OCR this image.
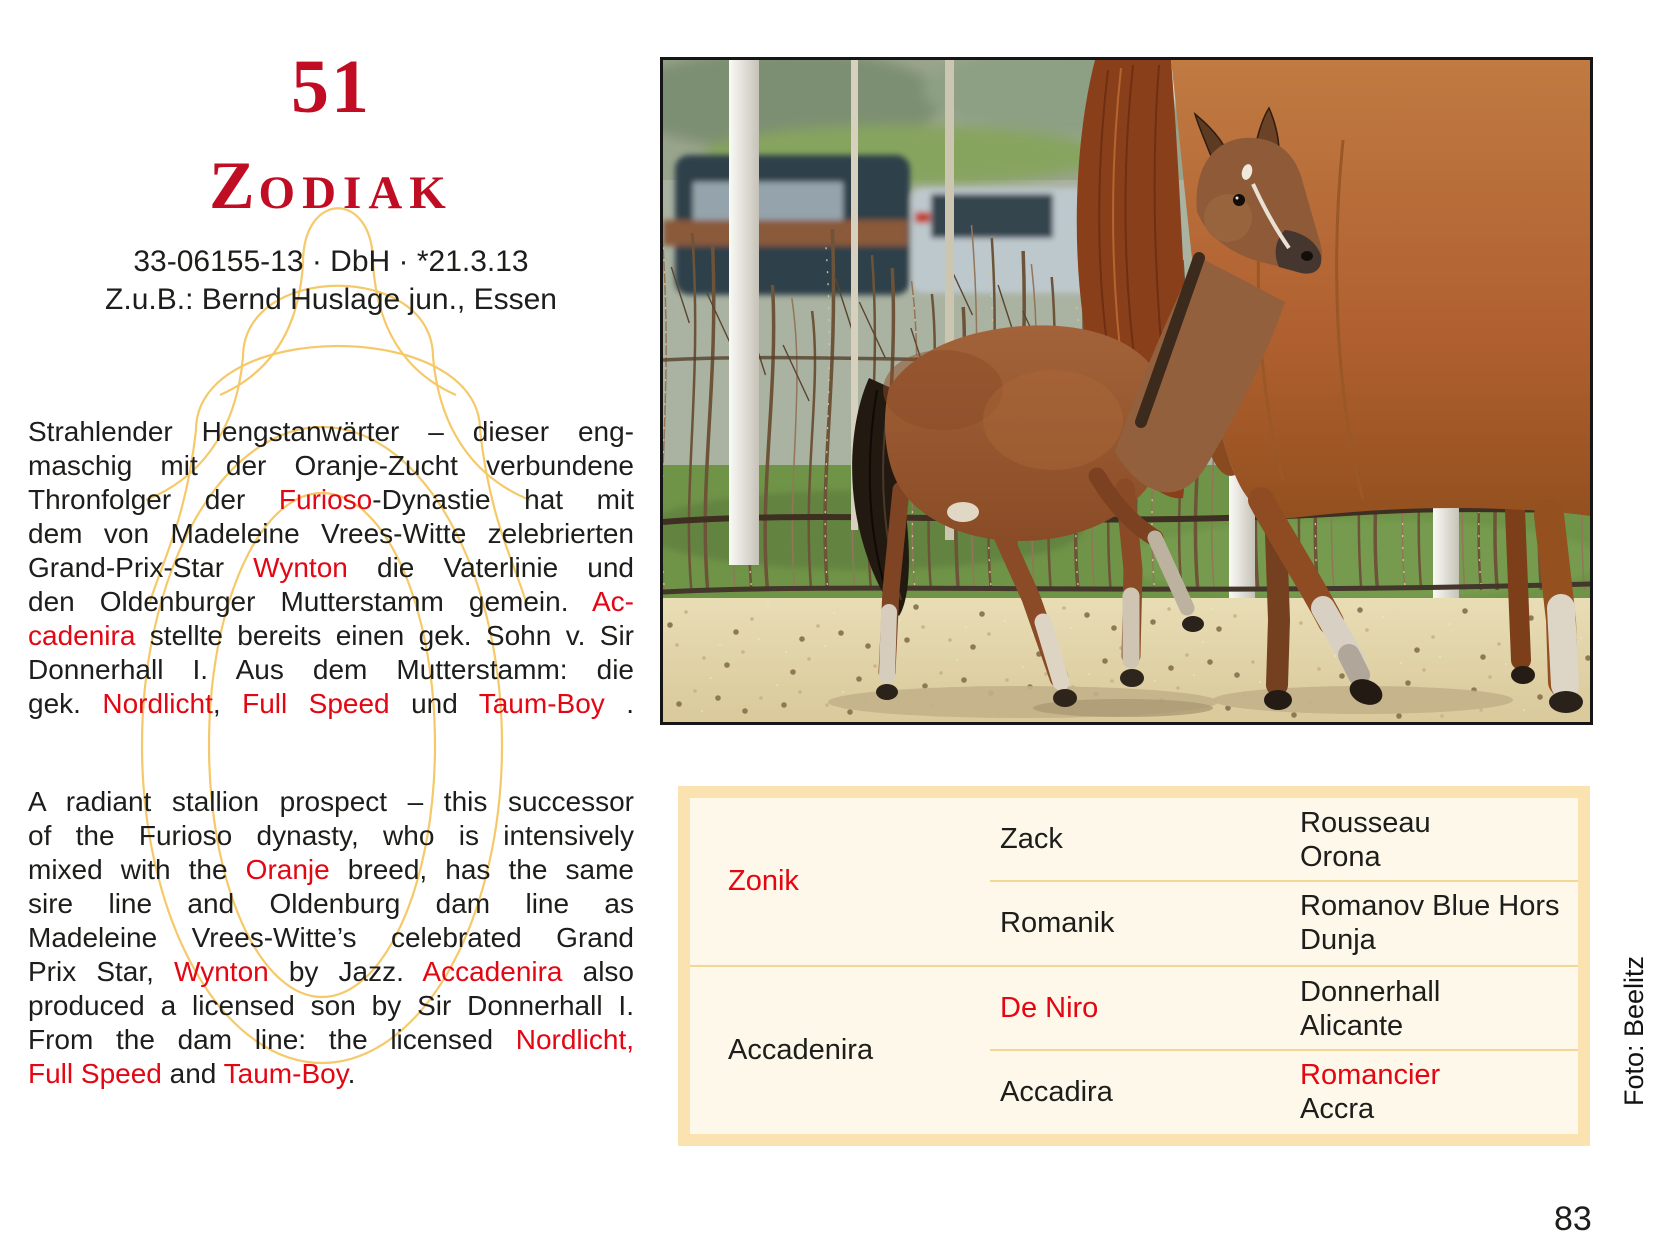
51
ZODIAK
33-06155-13 · DbH · *21.3.13
Z.u.B.: Bernd Huslage jun., Essen
Strahlender Hengstanwärter – dieser eng-
maschig mit der Oranje-Zucht verbundene
Thronfolger der Furioso-Dynastie hat mit
dem von Madeleine Vrees-Witte zelebrierten
Grand-Prix-Star Wynton die Vaterlinie und
den Oldenburger Mutterstamm gemein. Ac-
cadenira stellte bereits einen gek. Sohn v. Sir
Donnerhall I. Aus dem Mutterstamm: die
gek. Nordlicht, Full Speed und Taum-Boy .
A radiant stallion prospect – this successor
of the Furioso dynasty, who is intensively
mixed with the Oranje breed, has the same
sire line and Oldenburg dam line as
Madeleine Vrees-Witte’s celebrated Grand
Prix Star, Wynton by Jazz. Accadenira also
produced a licensed son by Sir Donnerhall I.
From the dam line: the licensed Nordlicht,
Full Speed and Taum-Boy.
Zonik
Zack
Rousseau
Orona
Romanik
Romanov Blue Hors
Dunja
Accadenira
De Niro
Donnerhall
Alicante
Accadira
Romancier
Accra
Foto: Beelitz
83
